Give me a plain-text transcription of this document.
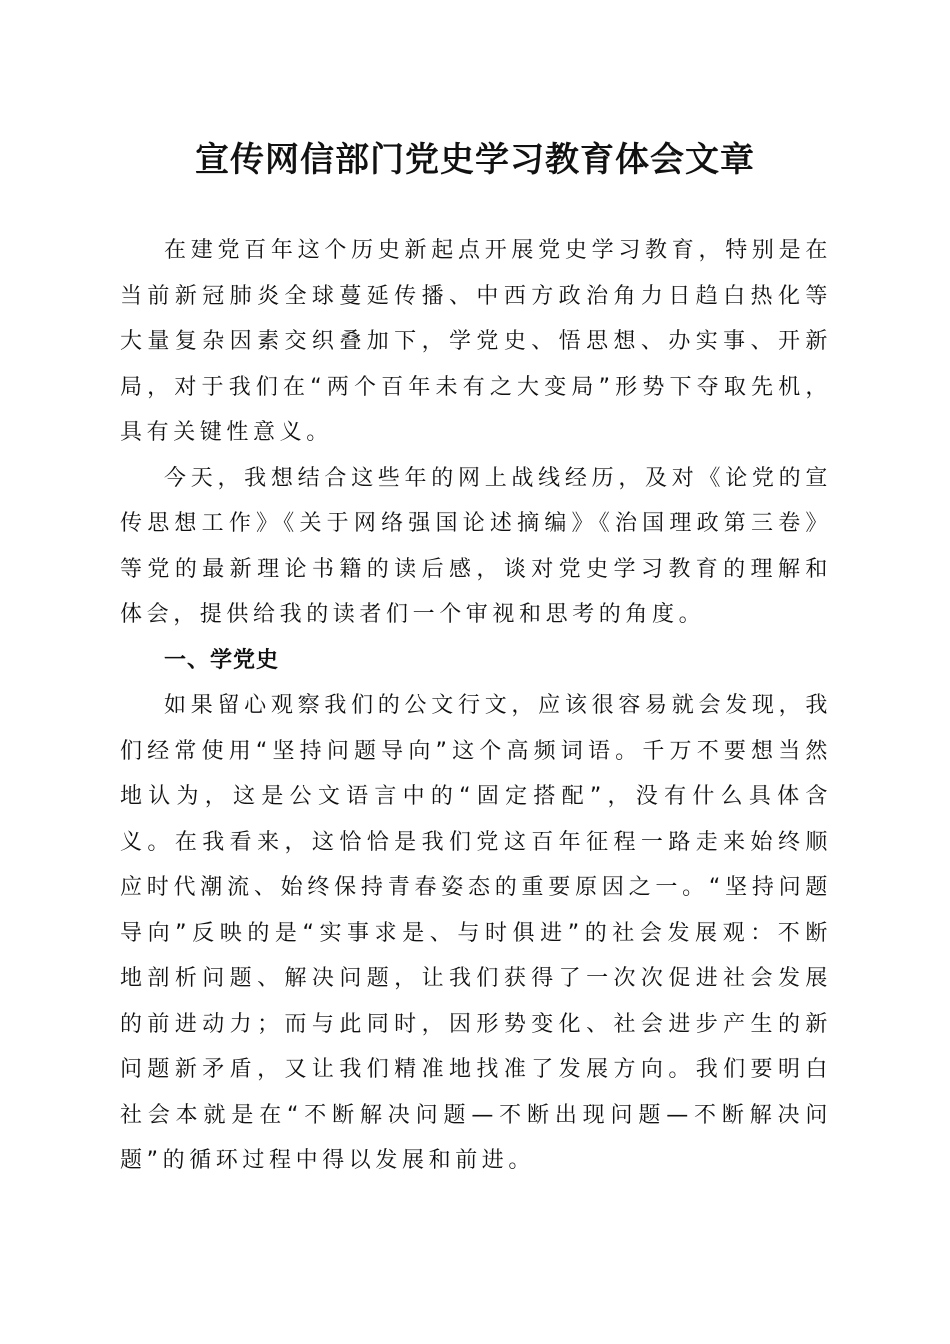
宣传网信部门党史学习教育体会文章

在建党百年这个历史新起点开展党史学习教育，特别是在当前新冠肺炎全球蔓延传播、中西方政治角力日趋白热化等大量复杂因素交织叠加下，学党史、悟思想、办实事、开新局，对于我们在“两个百年未有之大变局”形势下夺取先机，具有关键性意义。

今天，我想结合这些年的网上战线经历，及对《论党的宣传思想工作》《关于网络强国论述摘编》《治国理政第三卷》等党的最新理论书籍的读后感，谈对党史学习教育的理解和体会，提供给我的读者们一个审视和思考的角度。

一、学党史

如果留心观察我们的公文行文，应该很容易就会发现，我们经常使用“坚持问题导向”这个高频词语。千万不要想当然地认为，这是公文语言中的“固定搭配”，没有什么具体含义。在我看来，这恰恰是我们党这百年征程一路走来始终顺应时代潮流、始终保持青春姿态的重要原因之一。“坚持问题导向”反映的是“实事求是、与时俱进”的社会发展观：不断地剖析问题、解决问题，让我们获得了一次次促进社会发展的前进动力；而与此同时，因形势变化、社会进步产生的新问题新矛盾，又让我们精准地找准了发展方向。我们要明白社会本就是在“不断解决问题—不断出现问题—不断解决问题”的循环过程中得以发展和前进。
